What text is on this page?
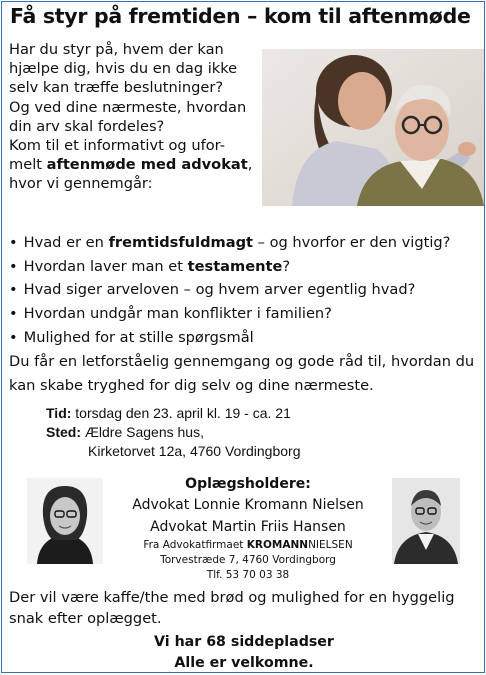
Få styr på fremtiden – kom til aftenmøde

Har du styr på, hvem der kan

hjælpe dig, hvis du en dag ikke

selv kan træffe beslutninger?

Og ved dine nærmeste, hvordan

din arv skal fordeles?

Kom til et informativt og ufor-

melt aftenmøde med advokat,

hvor vi gennemgår:

• Hvad er en fremtidsfuldmagt – og hvorfor er den vigtig?
• Hvordan laver man et testamente?
• Hvad siger arveloven – og hvem arver egentlig hvad?
• Hvordan undgår man konflikter i familien?
• Mulighed for at stille spørgsmål
Du får en letforståelig gennemgang og gode råd til, hvordan du
kan skabe tryghed for dig selv og dine nærmeste.
Tid: torsdag den 23. april kl. 19 - ca. 21
Sted: Ældre Sagens hus,
Kirketorvet 12a, 4760 Vordingborg
Oplægsholdere:
Advokat Lonnie Kromann Nielsen
Advokat Martin Friis Hansen
Fra Advokatfirmaet KROMANNNIELSEN
Torvestræde 7, 4760 Vordingborg
Tlf. 53 70 03 38
Der vil være kaffe/the med brød og mulighed for en hyggelig
snak efter oplægget.
Vi har 68 siddepladser
Alle er velkomne.
